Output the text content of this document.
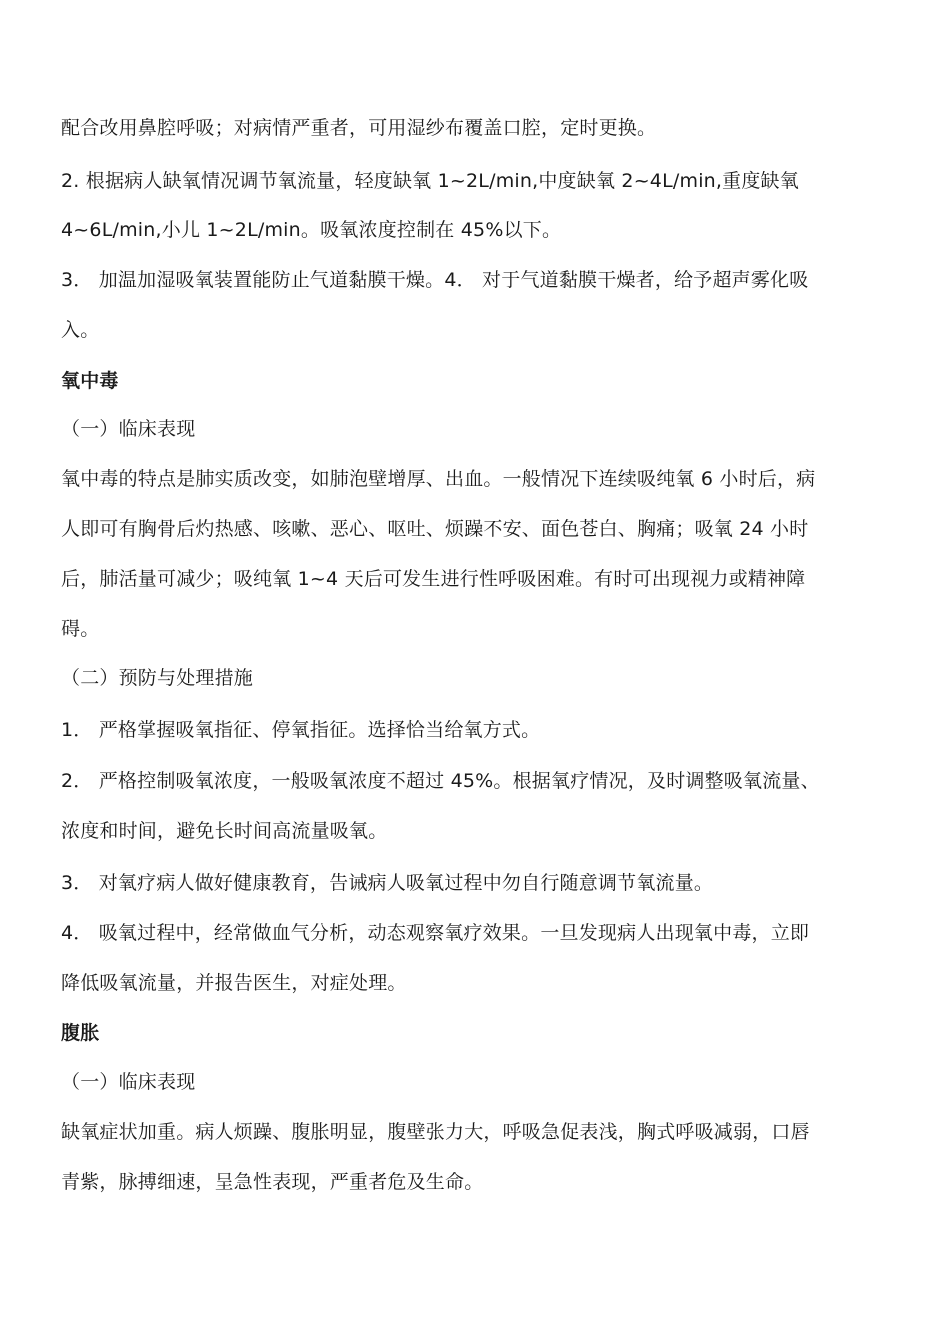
配合改用鼻腔呼吸；对病情严重者，可用湿纱布覆盖口腔，定时更换。
2. 根据病人缺氧情况调节氧流量，轻度缺氧 1~2L/min,中度缺氧 2~4L/min,重度缺氧
4~6L/min,小儿 1~2L/min。吸氧浓度控制在 45%以下。
3． 加温加湿吸氧装置能防止气道黏膜干燥。4． 对于气道黏膜干燥者，给予超声雾化吸
入。
氧中毒
（一）临床表现
氧中毒的特点是肺实质改变，如肺泡壁增厚、出血。一般情况下连续吸纯氧 6 小时后，病
人即可有胸骨后灼热感、咳嗽、恶心、呕吐、烦躁不安、面色苍白、胸痛；吸氧 24 小时
后，肺活量可减少；吸纯氧 1~4 天后可发生进行性呼吸困难。有时可出现视力或精神障
碍。
（二）预防与处理措施
1． 严格掌握吸氧指征、停氧指征。选择恰当给氧方式。
2． 严格控制吸氧浓度，一般吸氧浓度不超过 45%。根据氧疗情况，及时调整吸氧流量、
浓度和时间，避免长时间高流量吸氧。
3． 对氧疗病人做好健康教育，告诫病人吸氧过程中勿自行随意调节氧流量。
4． 吸氧过程中，经常做血气分析，动态观察氧疗效果。一旦发现病人出现氧中毒，立即
降低吸氧流量，并报告医生，对症处理。
腹胀
（一）临床表现
缺氧症状加重。病人烦躁、腹胀明显，腹壁张力大，呼吸急促表浅，胸式呼吸减弱，口唇
青紫，脉搏细速，呈急性表现，严重者危及生命。
